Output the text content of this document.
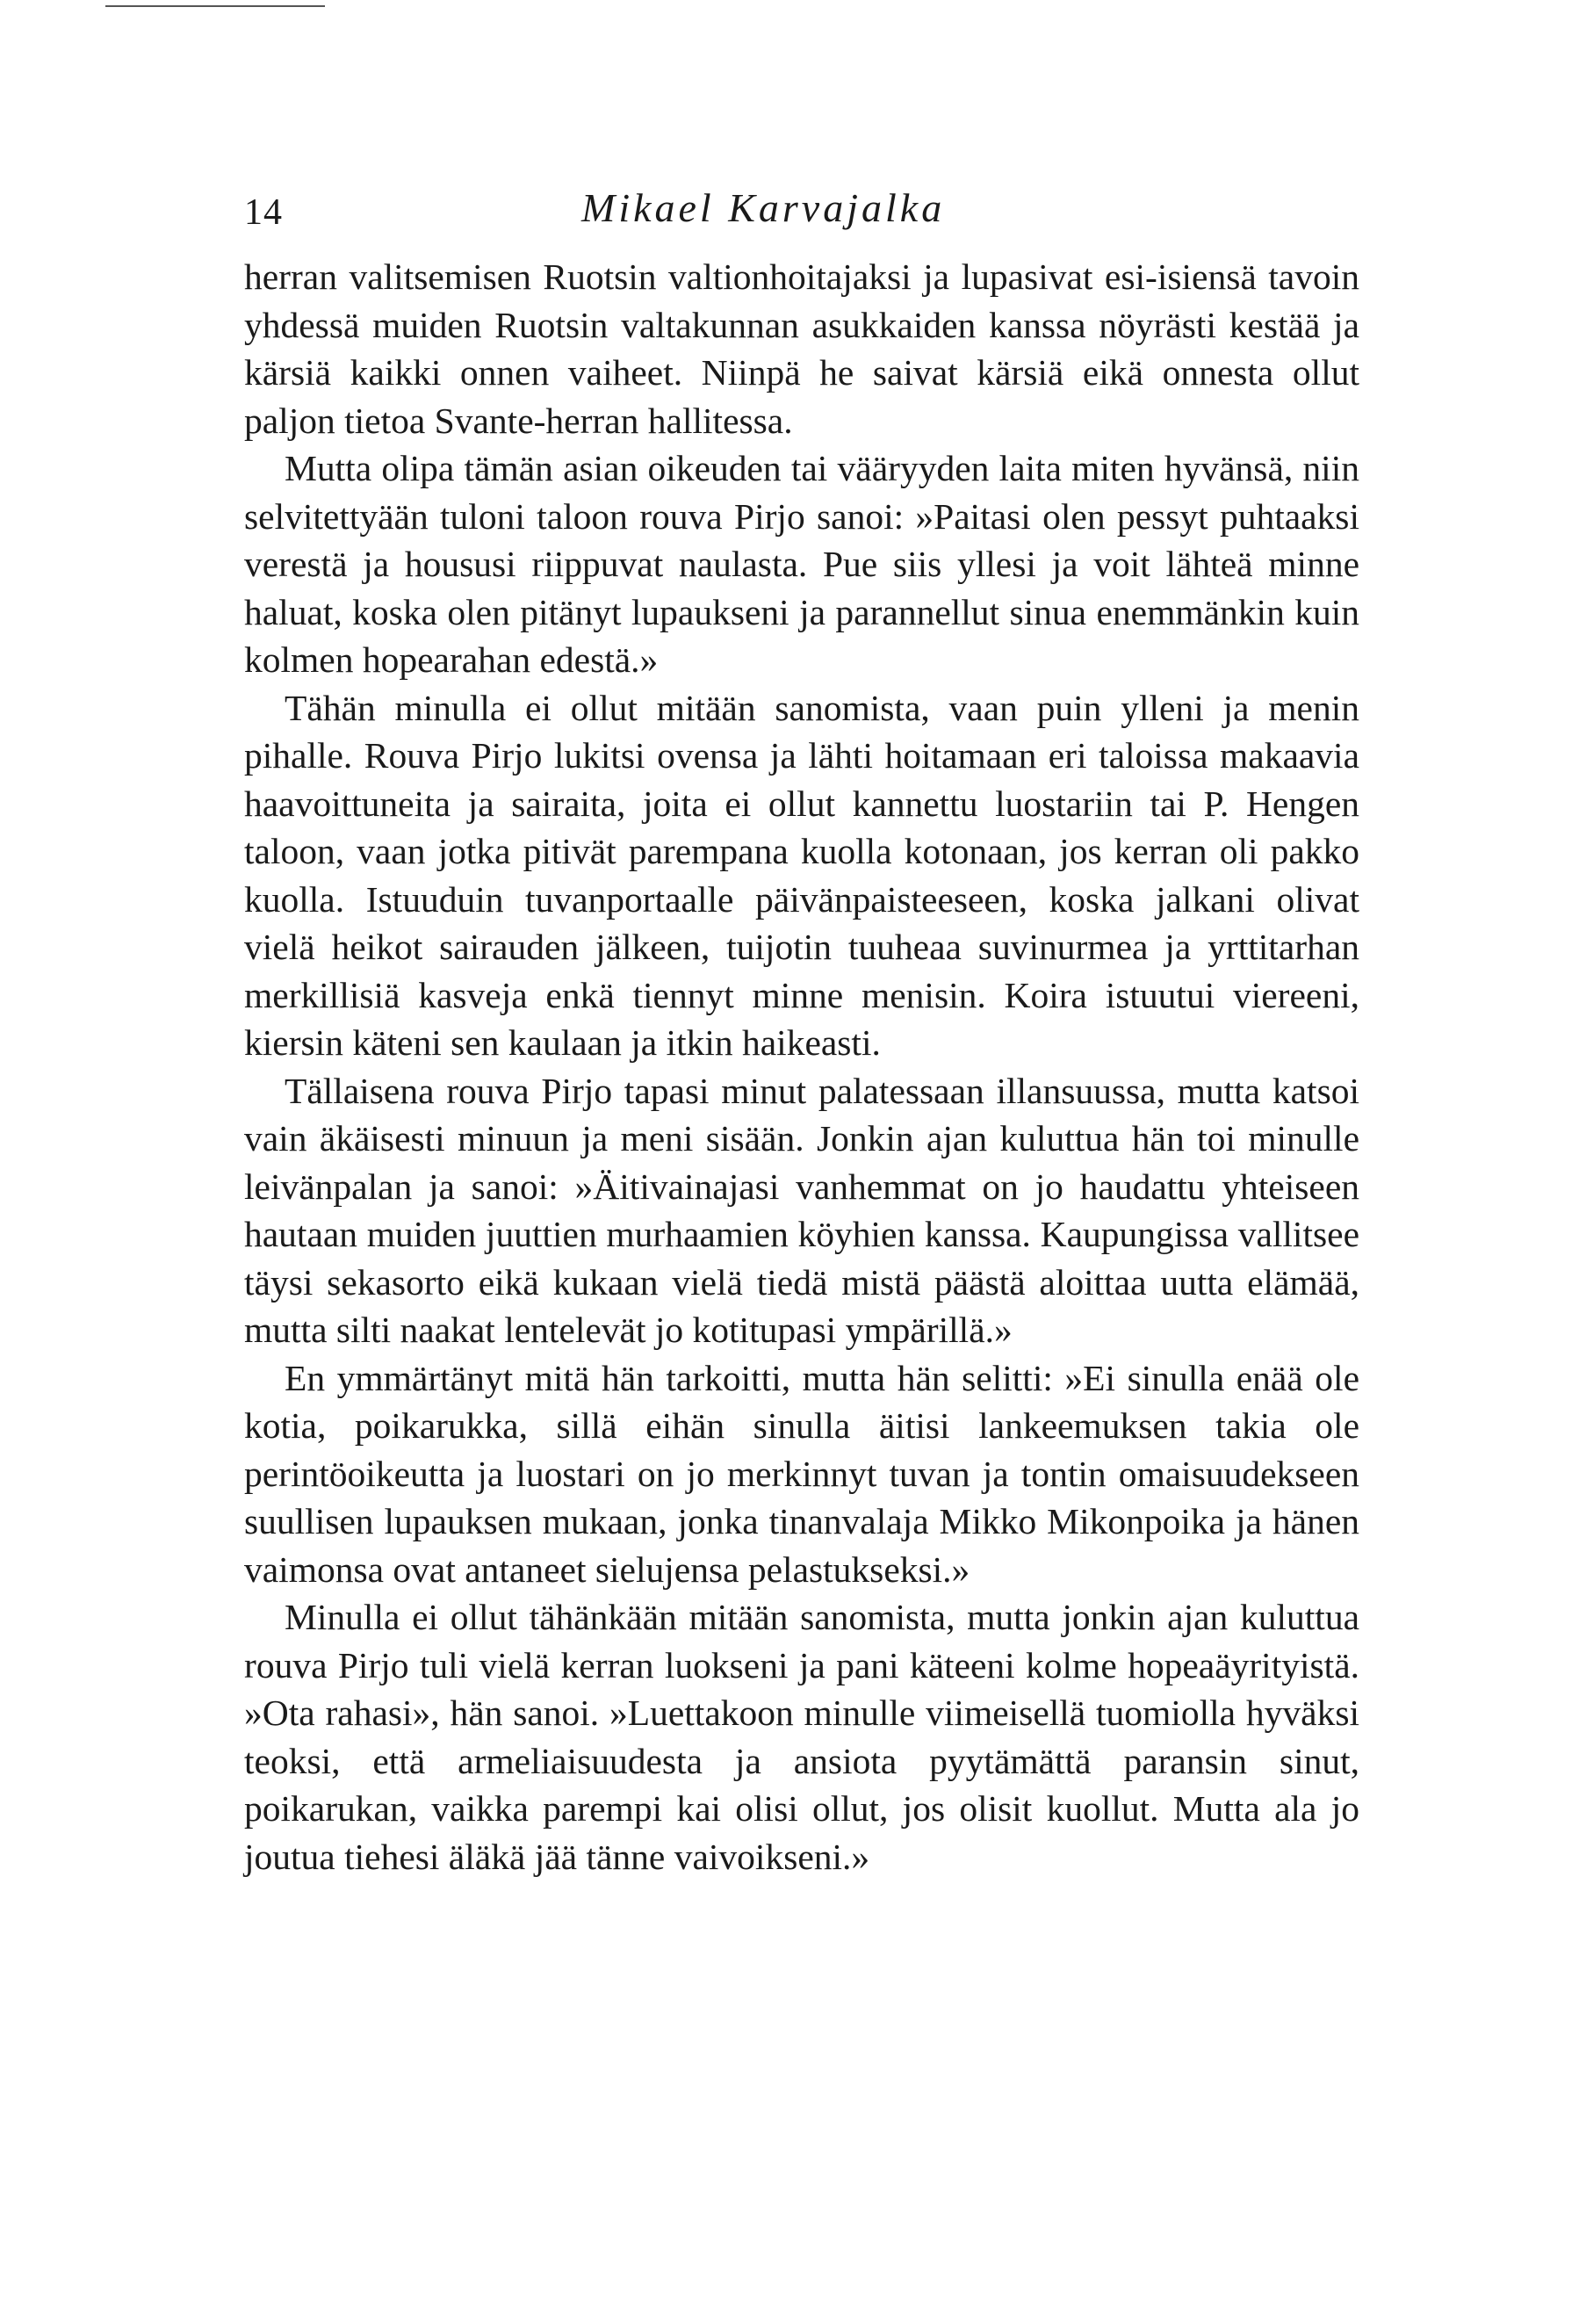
14	Mikael Karvajalka

herran valitsemisen Ruotsin valtionhoitajaksi ja lupasivat esi-isiensä tavoin yhdessä muiden Ruotsin valtakunnan asukkaiden kanssa nöyrästi kestää ja kärsiä kaikki onnen vaiheet. Niinpä he saivat kärsiä eikä onnesta ollut paljon tietoa Svante-herran hallitessa.

Mutta olipa tämän asian oikeuden tai vääryyden laita miten hyvänsä, niin selvitettyään tuloni taloon rouva Pirjo sanoi: »Paitasi olen pessyt puhtaaksi verestä ja housusi riippuvat naulasta. Pue siis yllesi ja voit lähteä minne haluat, koska olen pitänyt lupaukseni ja parannellut sinua enemmänkin kuin kolmen hopearahan edestä.»

Tähän minulla ei ollut mitään sanomista, vaan puin ylleni ja menin pihalle. Rouva Pirjo lukitsi ovensa ja lähti hoitamaan eri taloissa makaavia haavoittuneita ja sairaita, joita ei ollut kannettu luostariin tai P. Hengen taloon, vaan jotka pitivät parempana kuolla kotonaan, jos kerran oli pakko kuolla. Istuuduin tuvanportaalle päivänpaisteeseen, koska jalkani olivat vielä heikot sairauden jälkeen, tuijotin tuuheaa suvinurmea ja yrttitarhan merkillisiä kasveja enkä tiennyt minne menisin. Koira istuutui viereeni, kiersin käteni sen kaulaan ja itkin haikeasti.

Tällaisena rouva Pirjo tapasi minut palatessaan illansuussa, mutta katsoi vain äkäisesti minuun ja meni sisään. Jonkin ajan kuluttua hän toi minulle leivänpalan ja sanoi: »Äitivainajasi vanhemmat on jo haudattu yhteiseen hautaan muiden juuttien murhaamien köyhien kanssa. Kaupungissa vallitsee täysi sekasorto eikä kukaan vielä tiedä mistä päästä aloittaa uutta elämää, mutta silti naakat lentelevät jo kotitupasi ympärillä.»

En ymmärtänyt mitä hän tarkoitti, mutta hän selitti: »Ei sinulla enää ole kotia, poikarukka, sillä eihän sinulla äitisi lankeemuksen takia ole perintöoikeutta ja luostari on jo merkinnyt tuvan ja tontin omaisuudekseen suullisen lupauksen mukaan, jonka tinanvalaja Mikko Mikonpoika ja hänen vaimonsa ovat antaneet sielujensa pelastukseksi.»

Minulla ei ollut tähänkään mitään sanomista, mutta jonkin ajan kuluttua rouva Pirjo tuli vielä kerran luokseni ja pani käteeni kolme hopeaäyrityistä. »Ota rahasi», hän sanoi. »Luettakoon minulle viimeisellä tuomiolla hyväksi teoksi, että armeliaisuudesta ja ansiota pyytämättä paransin sinut, poikarukan, vaikka parempi kai olisi ollut, jos olisit kuollut. Mutta ala jo joutua tiehesi äläkä jää tänne vaivoikseni.»
